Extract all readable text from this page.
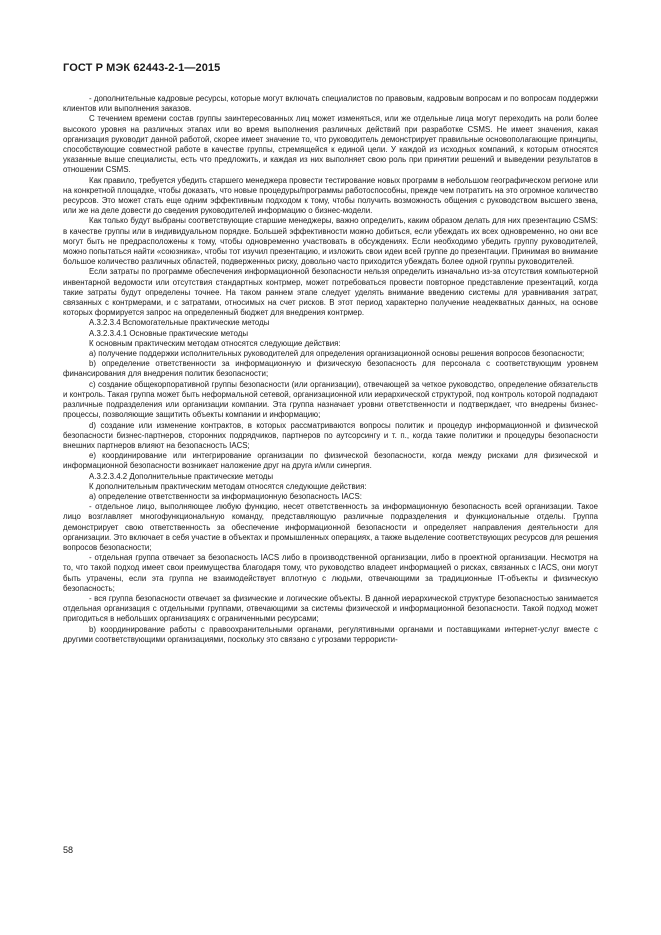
ГОСТ Р МЭК 62443-2-1—2015

- дополнительные кадровые ресурсы, которые могут включать специалистов по правовым, кадровым вопросам и по вопросам поддержки клиентов или выполнения заказов.

С течением времени состав группы заинтересованных лиц может изменяться, или же отдельные лица могут переходить на роли более высокого уровня на различных этапах или во время выполнения различных действий при разработке CSMS. Не имеет значения, какая организация руководит данной работой, скорее имеет значение то, что руководитель демонстрирует правильные основополагающие принципы, способствующие совместной работе в качестве группы, стремящейся к единой цели. У каждой из исходных компаний, к которым относятся указанные выше специалисты, есть что предложить, и каждая из них выполняет свою роль при принятии решений и выведении результатов в отношении CSMS.

Как правило, требуется убедить старшего менеджера провести тестирование новых программ в небольшом географическом регионе или на конкретной площадке, чтобы доказать, что новые процедуры/программы работоспособны, прежде чем потратить на это огромное количество ресурсов. Это может стать еще одним эффективным подходом к тому, чтобы получить возможность общения с руководством высшего звена, или же на деле довести до сведения руководителей информацию о бизнес-модели.

Как только будут выбраны соответствующие старшие менеджеры, важно определить, каким образом делать для них презентацию CSMS: в качестве группы или в индивидуальном порядке. Большей эффективности можно добиться, если убеждать их всех одновременно, но они все могут быть не предрасположены к тому, чтобы одновременно участвовать в обсуждениях. Если необходимо убедить группу руководителей, можно попытаться найти «союзника», чтобы тот изучил презентацию, и изложить свои идеи всей группе до презентации. Принимая во внимание большое количество различных областей, подверженных риску, довольно часто приходится убеждать более одной группы руководителей.

Если затраты по программе обеспечения информационной безопасности нельзя определить изначально из-за отсутствия компьютерной инвентарной ведомости или отсутствия стандартных контрмер, может потребоваться провести повторное представление презентаций, когда такие затраты будут определены точнее. На таком раннем этапе следует уделять внимание введению системы для уравнивания затрат, связанных с контрмерами, и с затратами, относимых на счет рисков. В этот период характерно получение неадекватных данных, на основе которых формируется запрос на определенный бюджет для внедрения контрмер.

А.3.2.3.4 Вспомогательные практические методы

А.3.2.3.4.1 Основные практические методы

К основным практическим методам относятся следующие действия:

а) получение поддержки исполнительных руководителей для определения организационной основы решения вопросов безопасности;

b) определение ответственности за информационную и физическую безопасность для персонала с соответствующим уровнем финансирования для внедрения политик безопасности;

с) создание общекорпоративной группы безопасности (или организации), отвечающей за четкое руководство, определение обязательств и контроль. Такая группа может быть неформальной сетевой, организационной или иерархической структурой, под контроль которой подпадают различные подразделения или организации компании. Эта группа назначает уровни ответственности и подтверждает, что внедрены бизнес-процессы, позволяющие защитить объекты компании и информацию;

d) создание или изменение контрактов, в которых рассматриваются вопросы политик и процедур информационной и физической безопасности бизнес-партнеров, сторонних подрядчиков, партнеров по аутсорсингу и т. п., когда такие политики и процедуры безопасности внешних партнеров влияют на безопасность IACS;

е) координирование или интегрирование организации по физической безопасности, когда между рисками для физической и информационной безопасности возникает наложение друг на друга и/или синергия.

А.3.2.3.4.2 Дополнительные практические методы

К дополнительным практическим методам относятся следующие действия:

а) определение ответственности за информационную безопасность IACS:

- отдельное лицо, выполняющее любую функцию, несет ответственность за информационную безопасность всей организации. Такое лицо возглавляет многофункциональную команду, представляющую различные подразделения и функциональные отделы. Группа демонстрирует свою ответственность за обеспечение информационной безопасности и определяет направления деятельности для организации. Это включает в себя участие в объектах и промышленных операциях, а также выделение соответствующих ресурсов для решения вопросов безопасности;

- отдельная группа отвечает за безопасность IACS либо в производственной организации, либо в проектной организации. Несмотря на то, что такой подход имеет свои преимущества благодаря тому, что руководство владеет информацией о рисках, связанных с IACS, они могут быть утрачены, если эта группа не взаимодействует вплотную с людьми, отвечающими за традиционные IT-объекты и физическую безопасность;

- вся группа безопасности отвечает за физические и логические объекты. В данной иерархической структуре безопасностью занимается отдельная организация с отдельными группами, отвечающими за системы физической и информационной безопасности. Такой подход может пригодиться в небольших организациях с ограниченными ресурсами;

b) координирование работы с правоохранительными органами, регулятивными органами и поставщиками интернет-услуг вместе с другими соответствующими организациями, поскольку это связано с угрозами террористи-

58
